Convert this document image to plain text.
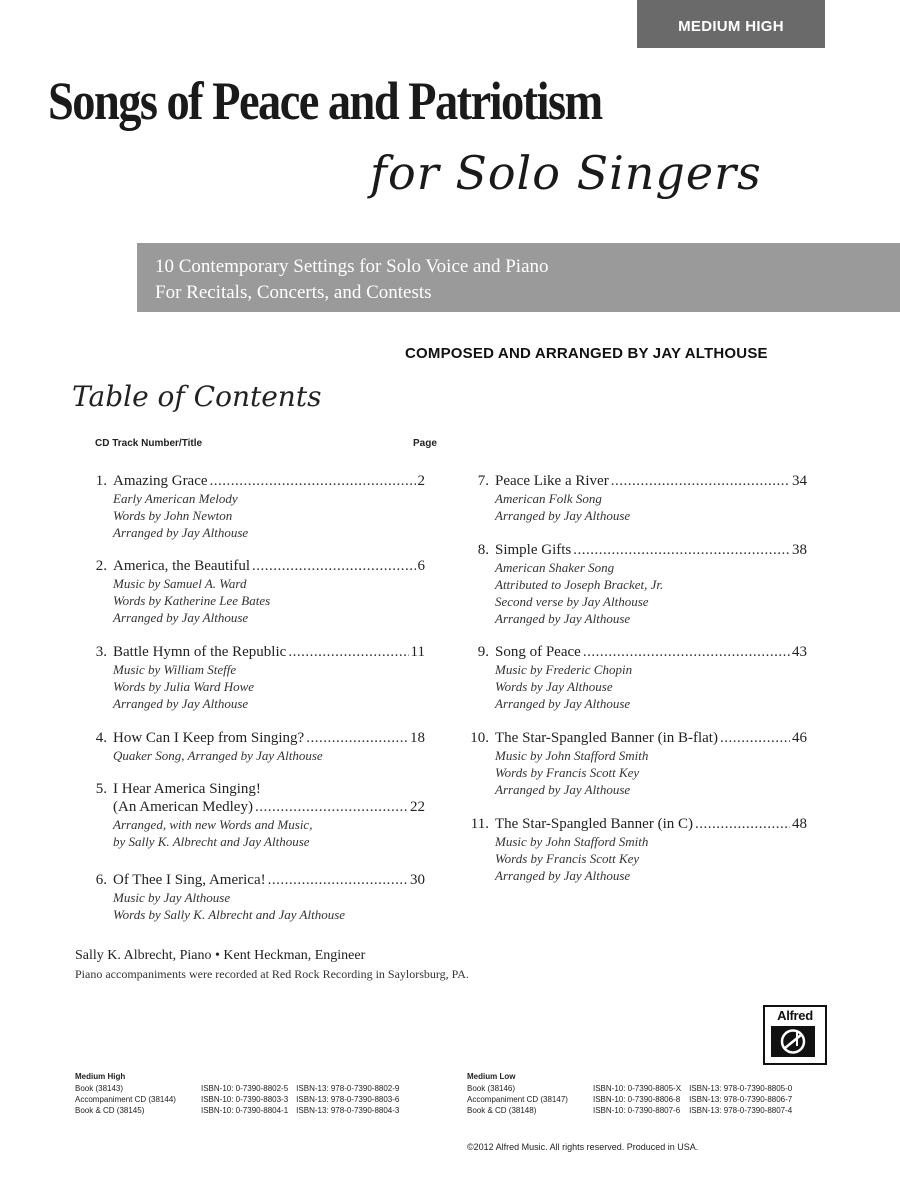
MEDIUM HIGH
Songs of Peace and Patriotism
for Solo Singers
10 Contemporary Settings for Solo Voice and Piano
For Recitals, Concerts, and Contests
COMPOSED AND ARRANGED BY JAY ALTHOUSE
Table of Contents
CD Track Number/Title	Page
1. Amazing Grace .....	2
Early American Melody
Words by John Newton
Arranged by Jay Althouse
2. America, the Beautiful .....	6
Music by Samuel A. Ward
Words by Katherine Lee Bates
Arranged by Jay Althouse
3. Battle Hymn of the Republic .....	11
Music by William Steffe
Words by Julia Ward Howe
Arranged by Jay Althouse
4. How Can I Keep from Singing? .....	18
Quaker Song, Arranged by Jay Althouse
5. I Hear America Singing!
(An American Medley) .....	22
Arranged, with new Words and Music,
by Sally K. Albrecht and Jay Althouse
6. Of Thee I Sing, America! .....	30
Music by Jay Althouse
Words by Sally K. Albrecht and Jay Althouse
7. Peace Like a River .....	34
American Folk Song
Arranged by Jay Althouse
8. Simple Gifts .....	38
American Shaker Song
Attributed to Joseph Bracket, Jr.
Second verse by Jay Althouse
Arranged by Jay Althouse
9. Song of Peace .....	43
Music by Frederic Chopin
Words by Jay Althouse
Arranged by Jay Althouse
10. The Star-Spangled Banner (in B-flat) .....	46
Music by John Stafford Smith
Words by Francis Scott Key
Arranged by Jay Althouse
11. The Star-Spangled Banner (in C) .....	48
Music by John Stafford Smith
Words by Francis Scott Key
Arranged by Jay Althouse
Sally K. Albrecht, Piano • Kent Heckman, Engineer
Piano accompaniments were recorded at Red Rock Recording in Saylorsburg, PA.
Alfred
Medium High
Book (38143)	ISBN-10: 0-7390-8802-5	ISBN-13: 978-0-7390-8802-9
Accompaniment CD (38144)	ISBN-10: 0-7390-8803-3	ISBN-13: 978-0-7390-8803-6
Book & CD (38145)	ISBN-10: 0-7390-8804-1	ISBN-13: 978-0-7390-8804-3
Medium Low
Book (38146)	ISBN-10: 0-7390-8805-X	ISBN-13: 978-0-7390-8805-0
Accompaniment CD (38147)	ISBN-10: 0-7390-8806-8	ISBN-13: 978-0-7390-8806-7
Book & CD (38148)	ISBN-10: 0-7390-8807-6	ISBN-13: 978-0-7390-8807-4
©2012 Alfred Music. All rights reserved. Produced in USA.
